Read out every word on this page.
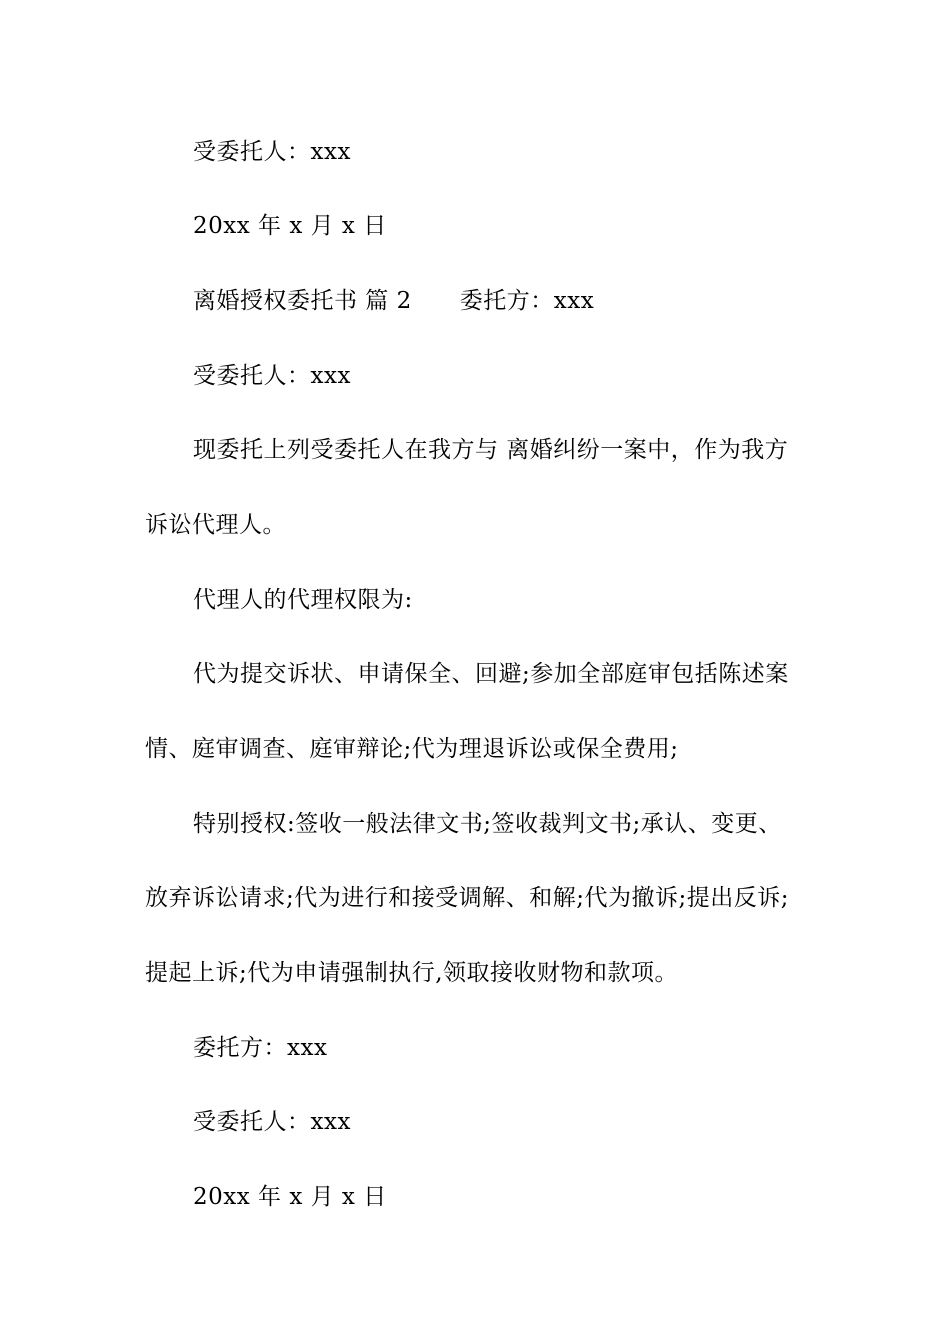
受委托人：xxx

20xx 年 x 月 x 日

离婚授权委托书 篇 2 委托方：xxx

受委托人：xxx

现委托上列受委托人在我方与 离婚纠纷一案中，作为我方

诉讼代理人。

代理人的代理权限为:

代为提交诉状、申请保全、回避;参加全部庭审包括陈述案

情、庭审调查、庭审辩论;代为理退诉讼或保全费用;

特别授权:签收一般法律文书;签收裁判文书;承认、变更、

放弃诉讼请求;代为进行和接受调解、和解;代为撤诉;提出反诉;

提起上诉;代为申请强制执行,领取接收财物和款项。

委托方：xxx

受委托人：xxx

20xx 年 x 月 x 日
